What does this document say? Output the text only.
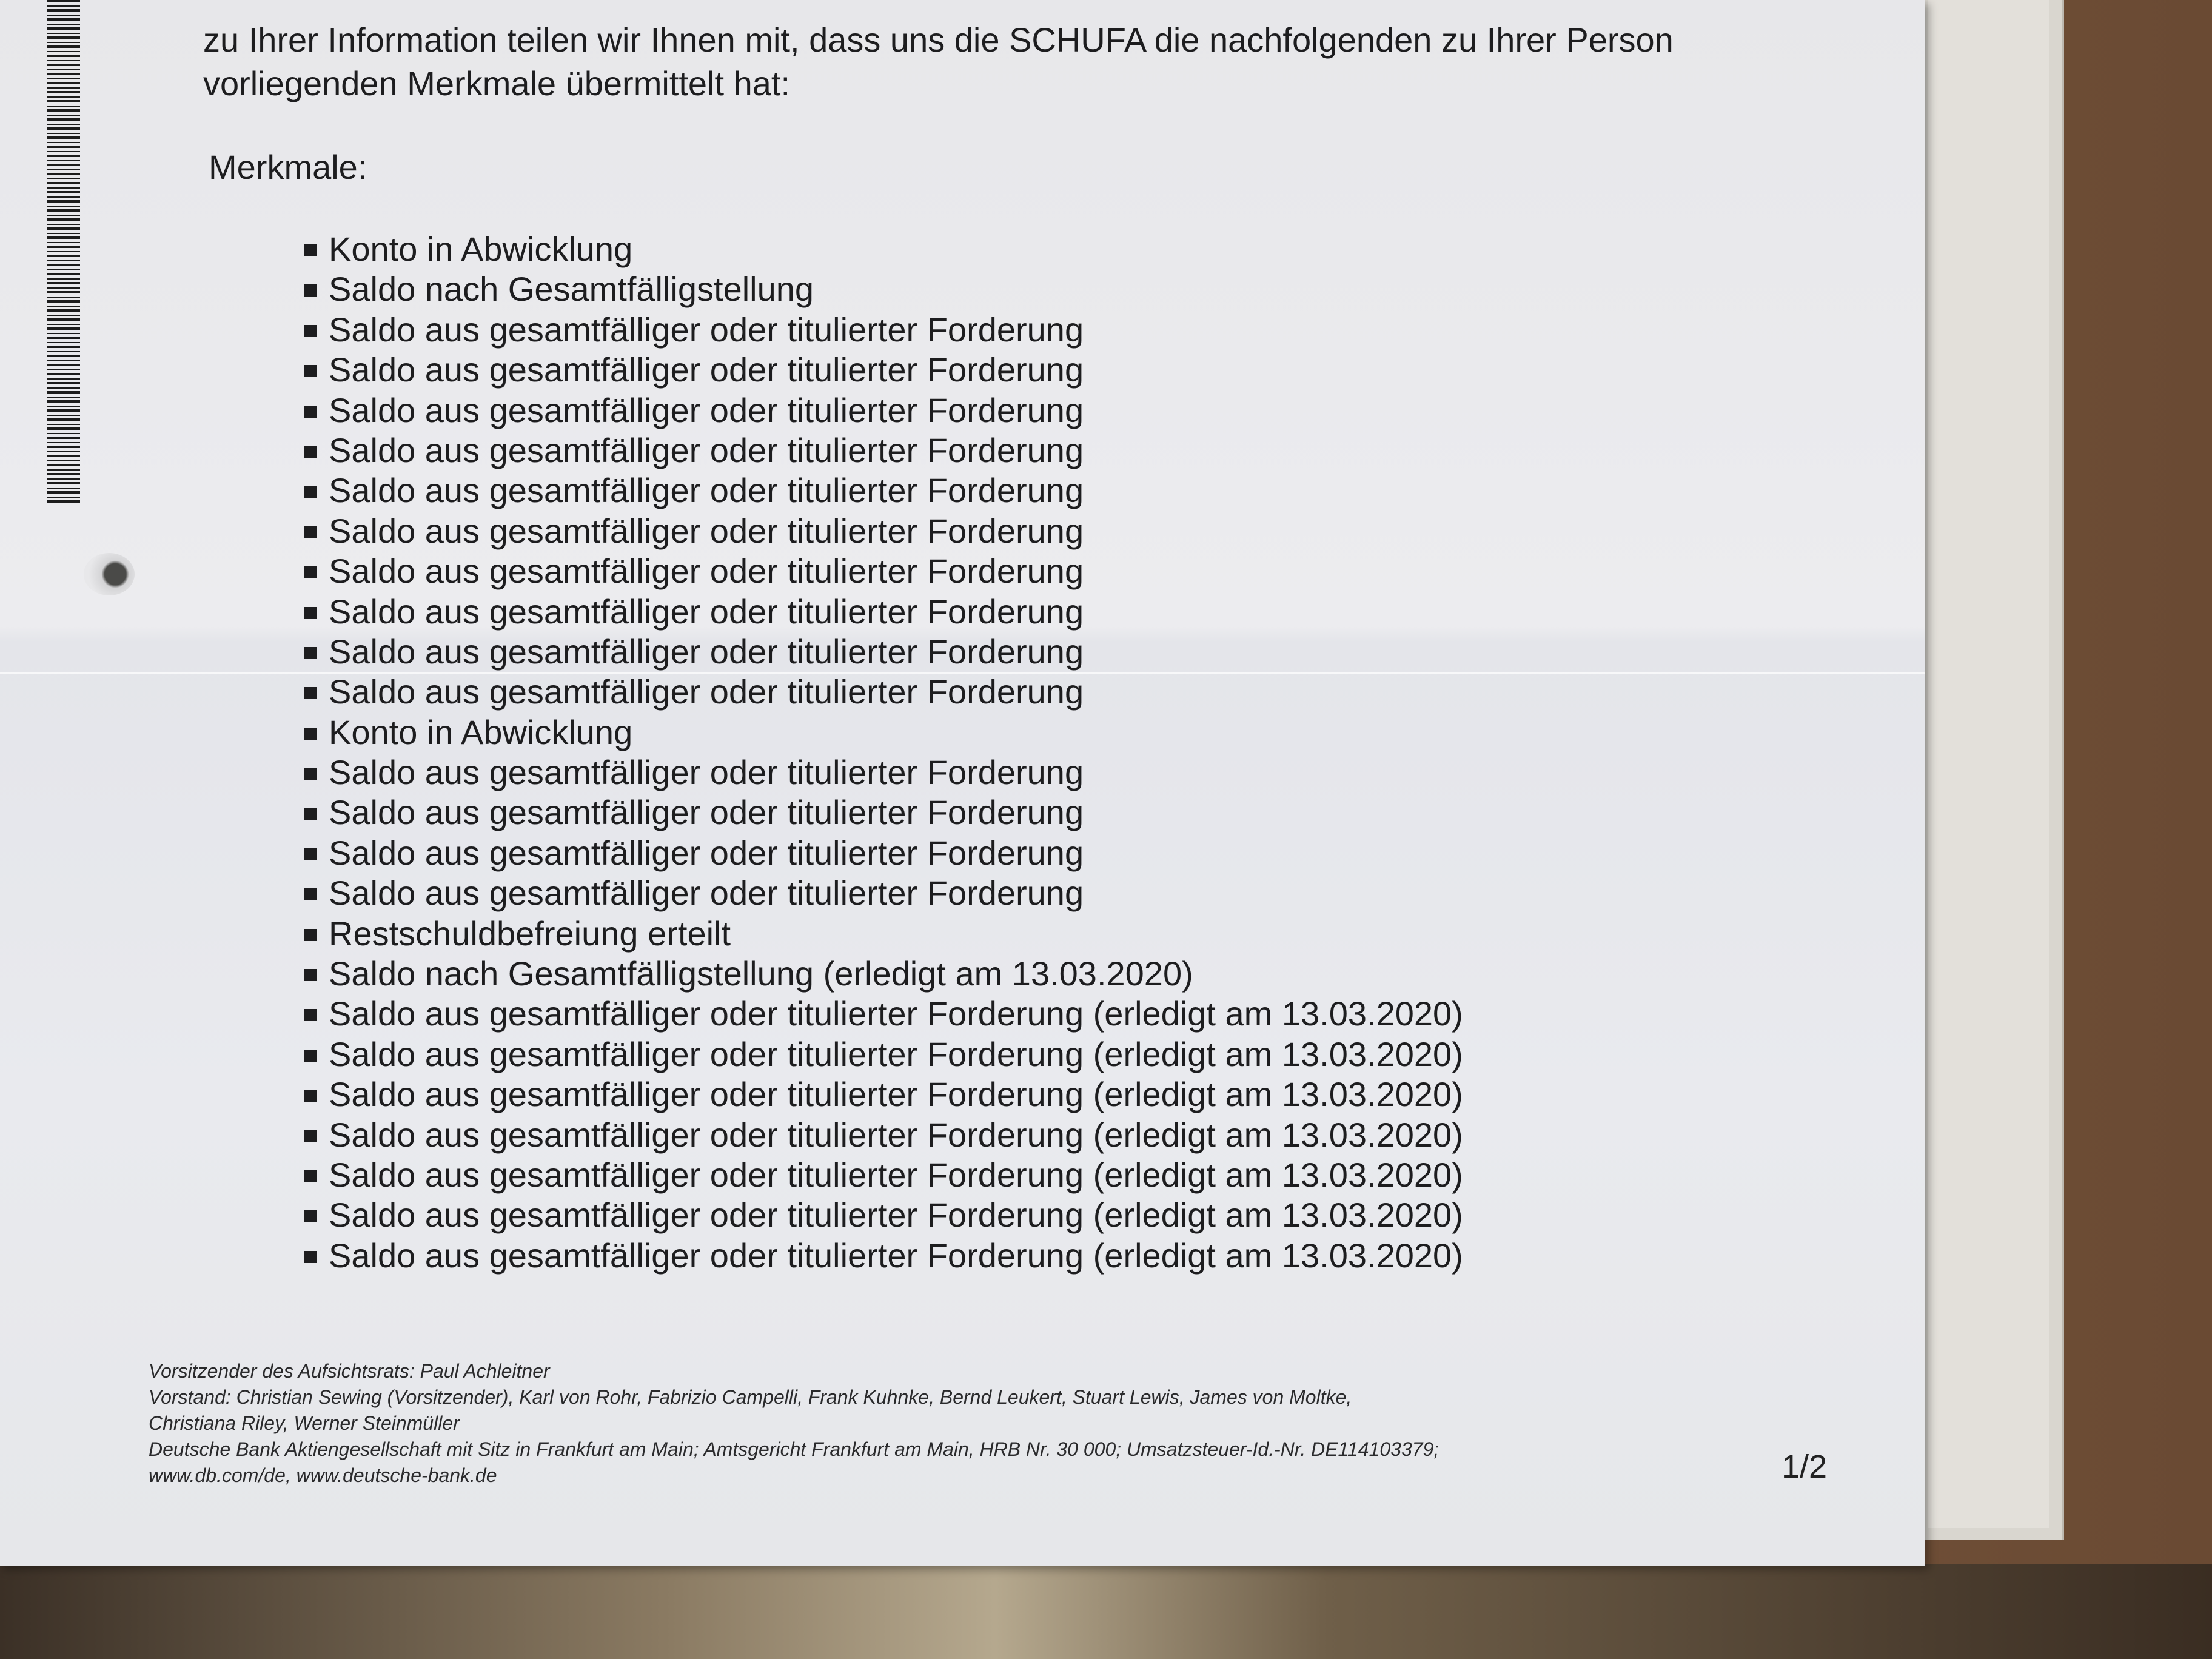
zu Ihrer Information teilen wir Ihnen mit, dass uns die SCHUFA die nachfolgenden zu Ihrer Person
vorliegenden Merkmale übermittelt hat:

Merkmale:

Konto in Abwicklung
Saldo nach Gesamtfälligstellung
Saldo aus gesamtfälliger oder titulierter Forderung
Saldo aus gesamtfälliger oder titulierter Forderung
Saldo aus gesamtfälliger oder titulierter Forderung
Saldo aus gesamtfälliger oder titulierter Forderung
Saldo aus gesamtfälliger oder titulierter Forderung
Saldo aus gesamtfälliger oder titulierter Forderung
Saldo aus gesamtfälliger oder titulierter Forderung
Saldo aus gesamtfälliger oder titulierter Forderung
Saldo aus gesamtfälliger oder titulierter Forderung
Saldo aus gesamtfälliger oder titulierter Forderung
Konto in Abwicklung
Saldo aus gesamtfälliger oder titulierter Forderung
Saldo aus gesamtfälliger oder titulierter Forderung
Saldo aus gesamtfälliger oder titulierter Forderung
Saldo aus gesamtfälliger oder titulierter Forderung
Restschuldbefreiung erteilt
Saldo nach Gesamtfälligstellung (erledigt am 13.03.2020)
Saldo aus gesamtfälliger oder titulierter Forderung (erledigt am 13.03.2020)
Saldo aus gesamtfälliger oder titulierter Forderung (erledigt am 13.03.2020)
Saldo aus gesamtfälliger oder titulierter Forderung (erledigt am 13.03.2020)
Saldo aus gesamtfälliger oder titulierter Forderung (erledigt am 13.03.2020)
Saldo aus gesamtfälliger oder titulierter Forderung (erledigt am 13.03.2020)
Saldo aus gesamtfälliger oder titulierter Forderung (erledigt am 13.03.2020)
Saldo aus gesamtfälliger oder titulierter Forderung (erledigt am 13.03.2020)
Vorsitzender des Aufsichtsrats: Paul Achleitner
Vorstand: Christian Sewing (Vorsitzender), Karl von Rohr, Fabrizio Campelli, Frank Kuhnke, Bernd Leukert, Stuart Lewis, James von Moltke,
Christiana Riley, Werner Steinmüller
Deutsche Bank Aktiengesellschaft mit Sitz in Frankfurt am Main; Amtsgericht Frankfurt am Main, HRB Nr. 30 000; Umsatzsteuer-Id.-Nr. DE114103379;
www.db.com/de, www.deutsche-bank.de	1/2
